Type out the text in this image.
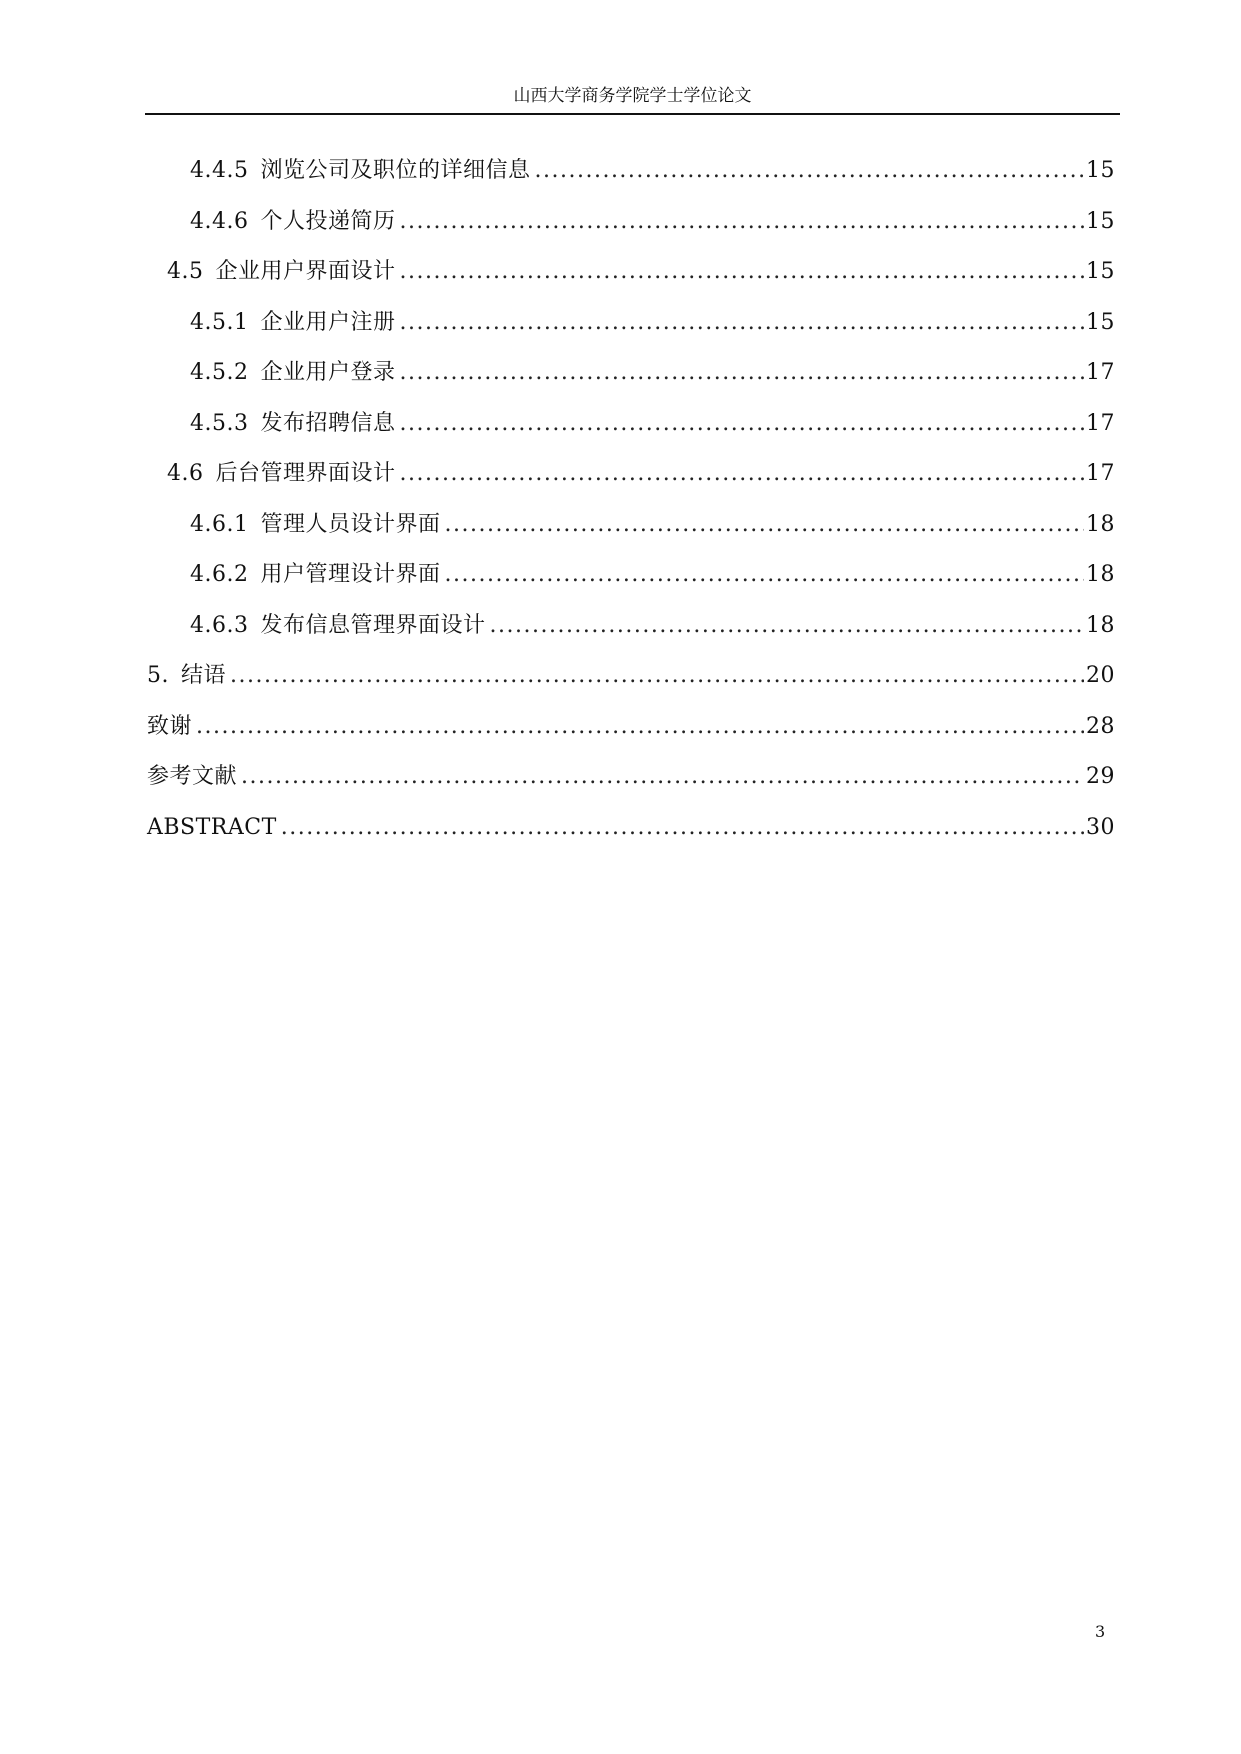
山西大学商务学院学士学位论文
4.4.5 浏览公司及职位的详细信息 .....	15
4.4.6 个人投递简历 .....	15
4.5 企业用户界面设计 .....	15
4.5.1 企业用户注册 .....	15
4.5.2 企业用户登录 .....	17
4.5.3 发布招聘信息 .....	17
4.6 后台管理界面设计 .....	17
4.6.1 管理人员设计界面 .....	18
4.6.2 用户管理设计界面 .....	18
4.6.3 发布信息管理界面设计 .....	18
5. 结语 .....	20
致谢 .....	28
参考文献 .....	29
ABSTRACT .....	30
3
